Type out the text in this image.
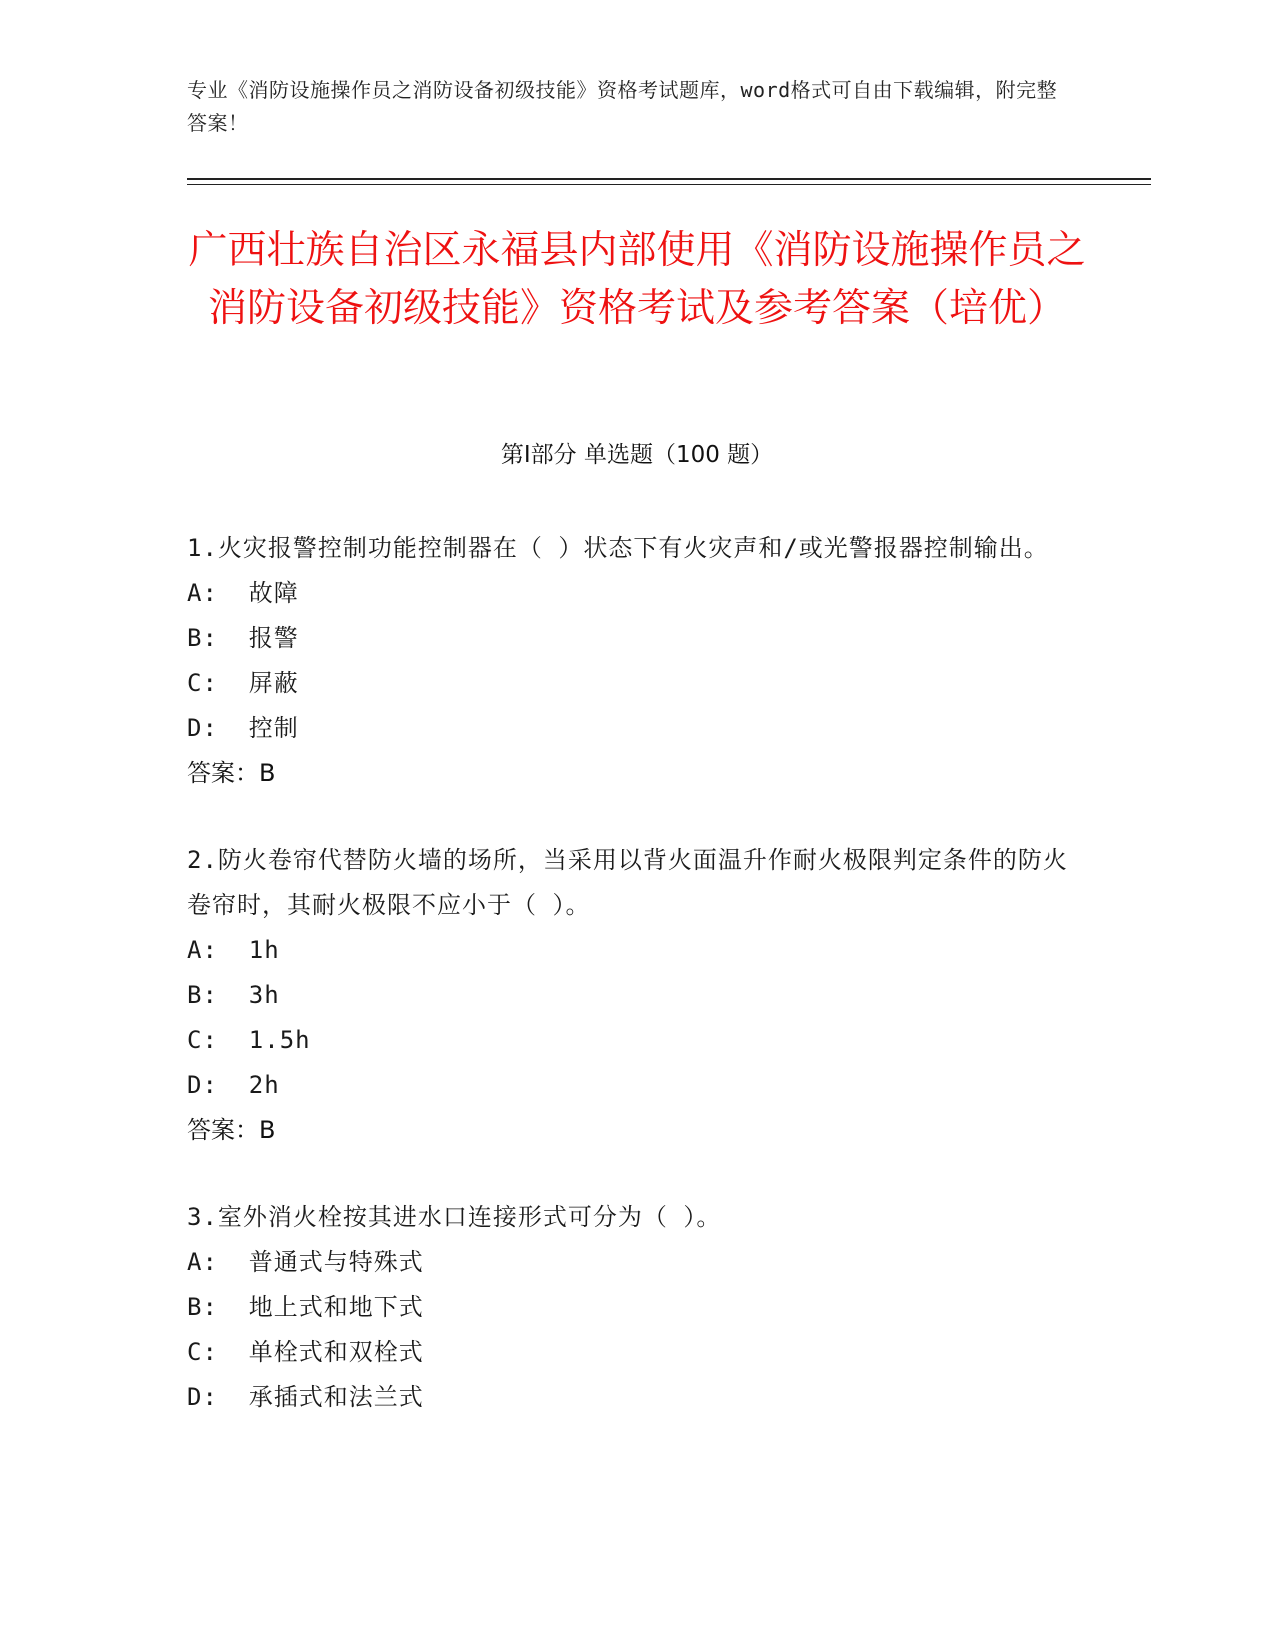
专业《消防设施操作员之消防设备初级技能》资格考试题库，word格式可自由下载编辑，附完整答案！
广西壮族自治区永福县内部使用《消防设施操作员之消防设备初级技能》资格考试及参考答案（培优）
第Ⅰ部分 单选题（100 题）

1.火灾报警控制功能控制器在（ ）状态下有火灾声和/或光警报器控制输出。

A:  故障

B:  报警

C:  屏蔽

D:  控制

答案：B

2.防火卷帘代替防火墙的场所，当采用以背火面温升作耐火极限判定条件的防火卷帘时，其耐火极限不应小于（ ）。

A:  1h

B:  3h

C:  1.5h

D:  2h

答案：B

3.室外消火栓按其进水口连接形式可分为（ ）。

A:  普通式与特殊式

B:  地上式和地下式

C:  单栓式和双栓式

D:  承插式和法兰式
